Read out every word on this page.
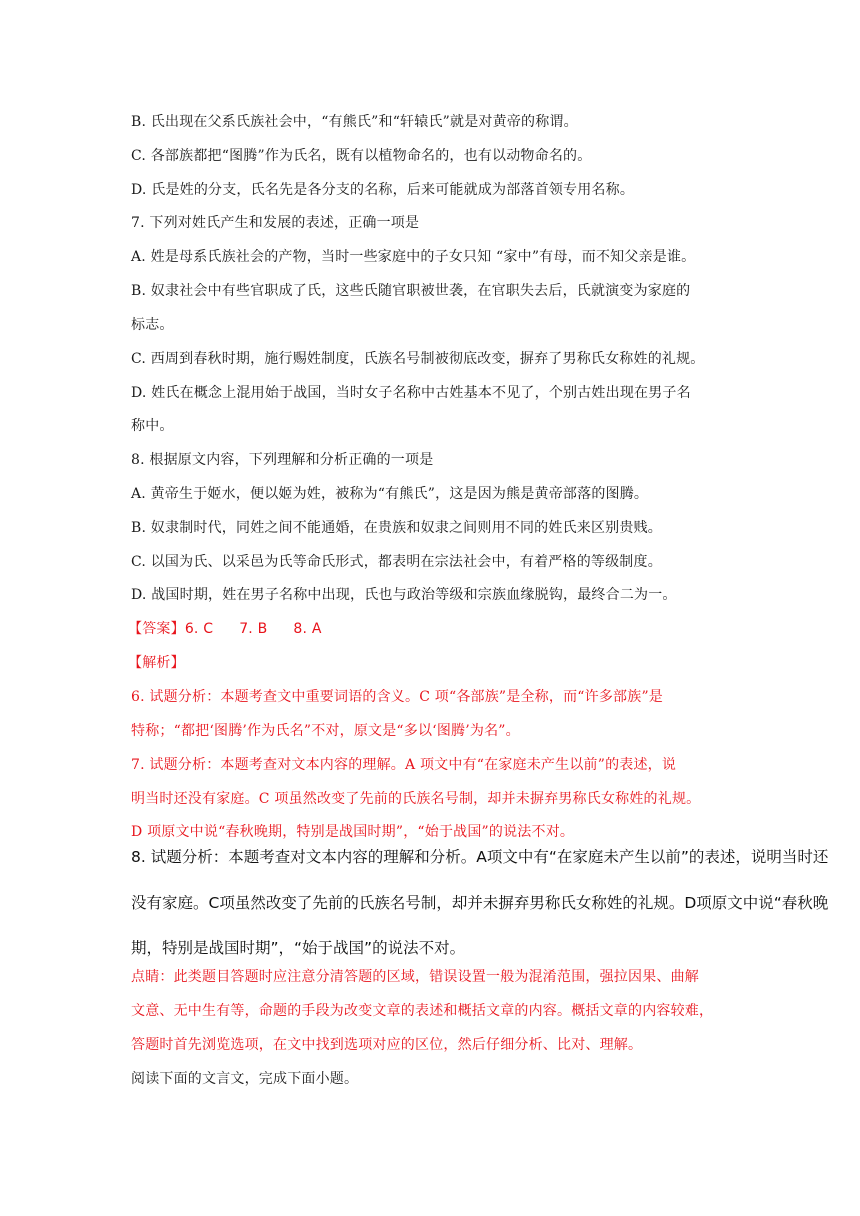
B. 氏出现在父系氏族社会中，“有熊氏”和“轩辕氏”就是对黄帝的称谓。
C. 各部族都把“图腾”作为氏名，既有以植物命名的，也有以动物命名的。
D. 氏是姓的分支，氏名先是各分支的名称，后来可能就成为部落首领专用名称。
7. 下列对姓氏产生和发展的表述，正确一项是
A. 姓是母系氏族社会的产物，当时一些家庭中的子女只知 “家中”有母，而不知父亲是谁。
B. 奴隶社会中有些官职成了氏，这些氏随官职被世袭，在官职失去后，氏就演变为家庭的
标志。
C. 西周到春秋时期，施行赐姓制度，氏族名号制被彻底改变，摒弃了男称氏女称姓的礼规。
D. 姓氏在概念上混用始于战国，当时女子名称中古姓基本不见了，个别古姓出现在男子名
称中。
8. 根据原文内容，下列理解和分析正确的一项是
A. 黄帝生于姬水，便以姬为姓，被称为“有熊氏”，这是因为熊是黄帝部落的图腾。
B. 奴隶制时代，同姓之间不能通婚，在贵族和奴隶之间则用不同的姓氏来区别贵贱。
C. 以国为氏、以采邑为氏等命氏形式，都表明在宗法社会中，有着严格的等级制度。
D. 战国时期，姓在男子名称中出现，氏也与政治等级和宗族血缘脱钩，最终合二为一。
【答案】6. C 7. B 8. A
【解析】
6. 试题分析：本题考查文中重要词语的含义。C 项“各部族”是全称，而“许多部族”是
特称；“都把‘图腾’作为氏名”不对，原文是“多以‘图腾’为名”。
7. 试题分析：本题考查对文本内容的理解。A 项文中有“在家庭未产生以前”的表述，说
明当时还没有家庭。C 项虽然改变了先前的氏族名号制，却并未摒弃男称氏女称姓的礼规。
D 项原文中说“春秋晚期，特别是战国时期”，“始于战国”的说法不对。
8. 试题分析：本题考查对文本内容的理解和分析。A项文中有“在家庭未产生以前”的表述，说明当时还
没有家庭。C项虽然改变了先前的氏族名号制，却并未摒弃男称氏女称姓的礼规。D项原文中说“春秋晚
期，特别是战国时期”，“始于战国”的说法不对。
点睛：此类题目答题时应注意分清答题的区域，错误设置一般为混淆范围，强拉因果、曲解
文意、无中生有等，命题的手段为改变文章的表述和概括文章的内容。概括文章的内容较难，
答题时首先浏览选项，在文中找到选项对应的区位，然后仔细分析、比对、理解。
阅读下面的文言文，完成下面小题。
